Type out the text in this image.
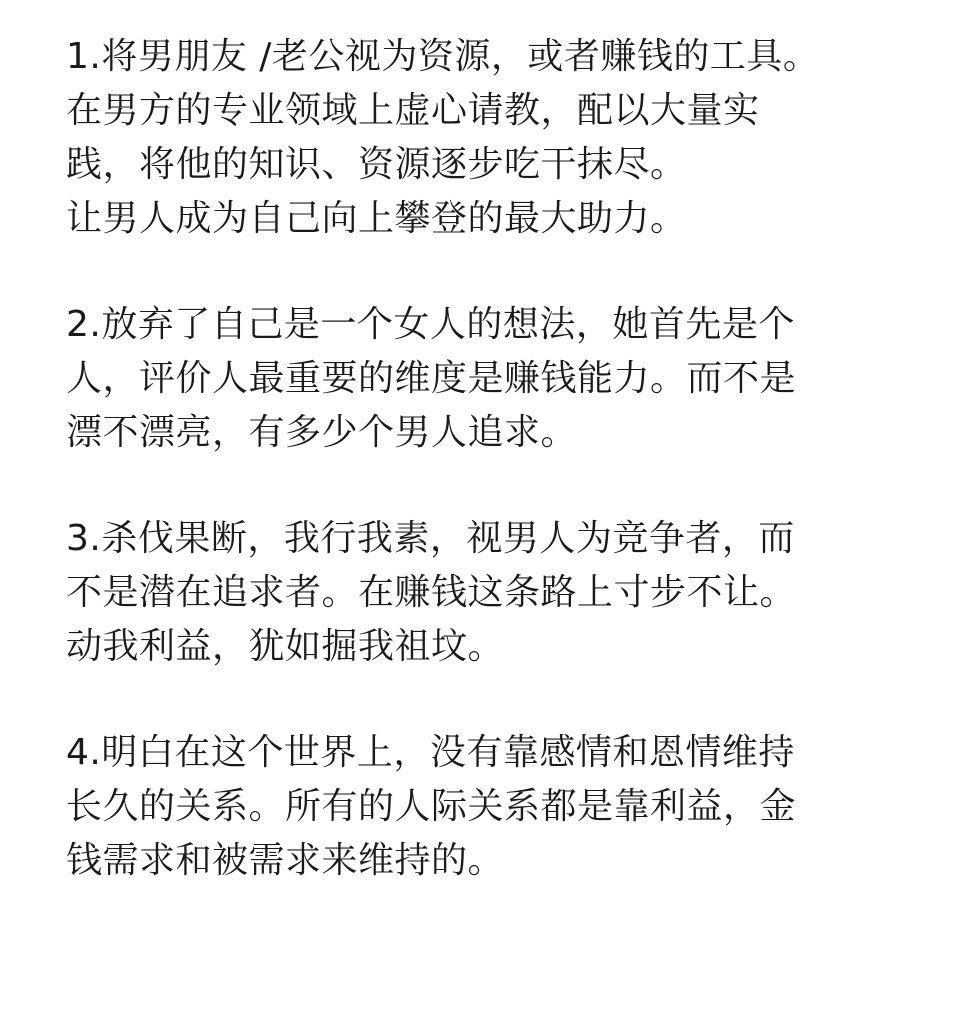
1.将男朋友 /老公视为资源，或者赚钱的工具。
在男方的专业领域上虚心请教，配以大量实
践，将他的知识、资源逐步吃干抹尽。
让男人成为自己向上攀登的最大助力。
2.放弃了自己是一个女人的想法，她首先是个
人，评价人最重要的维度是赚钱能力。而不是
漂不漂亮，有多少个男人追求。
3.杀伐果断，我行我素，视男人为竞争者，而
不是潜在追求者。在赚钱这条路上寸步不让。
动我利益，犹如掘我祖坟。
4.明白在这个世界上，没有靠感情和恩情维持
长久的关系。所有的人际关系都是靠利益，金
钱需求和被需求来维持的。
